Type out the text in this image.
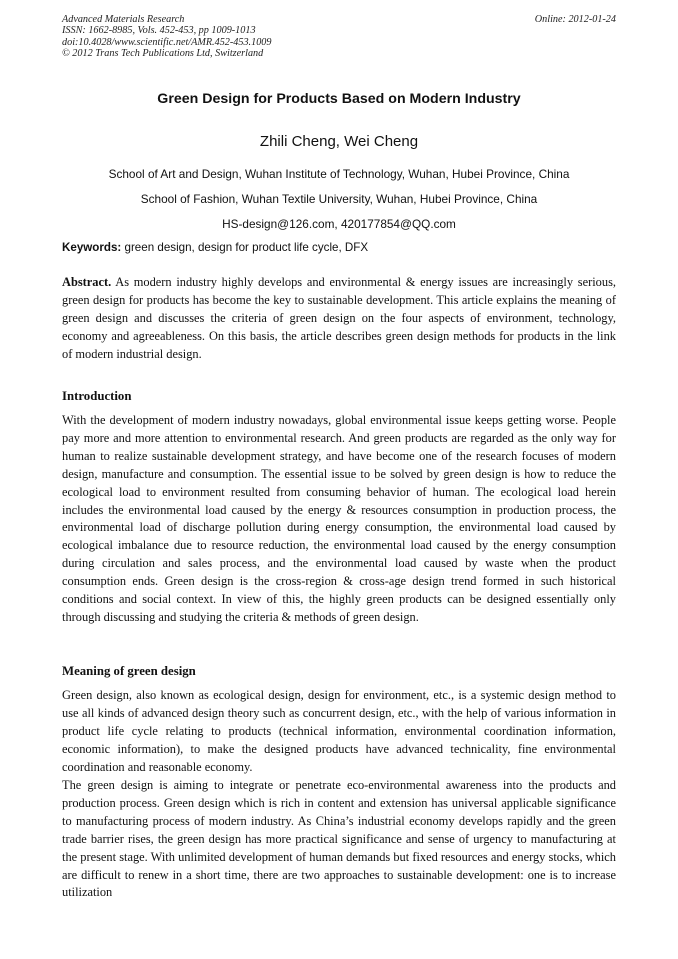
Advanced Materials Research
ISSN: 1662-8985, Vols. 452-453, pp 1009-1013
doi:10.4028/www.scientific.net/AMR.452-453.1009
© 2012 Trans Tech Publications Ltd, Switzerland
Online: 2012-01-24
Green Design for Products Based on Modern Industry
Zhili Cheng, Wei Cheng
School of Art and Design, Wuhan Institute of Technology, Wuhan, Hubei Province, China
School of Fashion, Wuhan Textile University, Wuhan, Hubei Province, China
HS-design@126.com, 420177854@QQ.com
Keywords: green design, design for product life cycle, DFX
Abstract. As modern industry highly develops and environmental & energy issues are increasingly serious, green design for products has become the key to sustainable development. This article explains the meaning of green design and discusses the criteria of green design on the four aspects of environment, technology, economy and agreeableness. On this basis, the article describes green design methods for products in the link of modern industrial design.
Introduction
With the development of modern industry nowadays, global environmental issue keeps getting worse. People pay more and more attention to environmental research. And green products are regarded as the only way for human to realize sustainable development strategy, and have become one of the research focuses of modern design, manufacture and consumption. The essential issue to be solved by green design is how to reduce the ecological load to environment resulted from consuming behavior of human. The ecological load herein includes the environmental load caused by the energy & resources consumption in production process, the environmental load of discharge pollution during energy consumption, the environmental load caused by ecological imbalance due to resource reduction, the environmental load caused by the energy consumption during circulation and sales process, and the environmental load caused by waste when the product consumption ends. Green design is the cross-region & cross-age design trend formed in such historical conditions and social context. In view of this, the highly green products can be designed essentially only through discussing and studying the criteria & methods of green design.
Meaning of green design
Green design, also known as ecological design, design for environment, etc., is a systemic design method to use all kinds of advanced design theory such as concurrent design, etc., with the help of various information in product life cycle relating to products (technical information, environmental coordination information, economic information), to make the designed products have advanced technicality, fine environmental coordination and reasonable economy.
The green design is aiming to integrate or penetrate eco-environmental awareness into the products and production process. Green design which is rich in content and extension has universal applicable significance to manufacturing process of modern industry. As China’s industrial economy develops rapidly and the green trade barrier rises, the green design has more practical significance and sense of urgency to manufacturing at the present stage. With unlimited development of human demands but fixed resources and energy stocks, which are difficult to renew in a short time, there are two approaches to sustainable development: one is to increase utilization
